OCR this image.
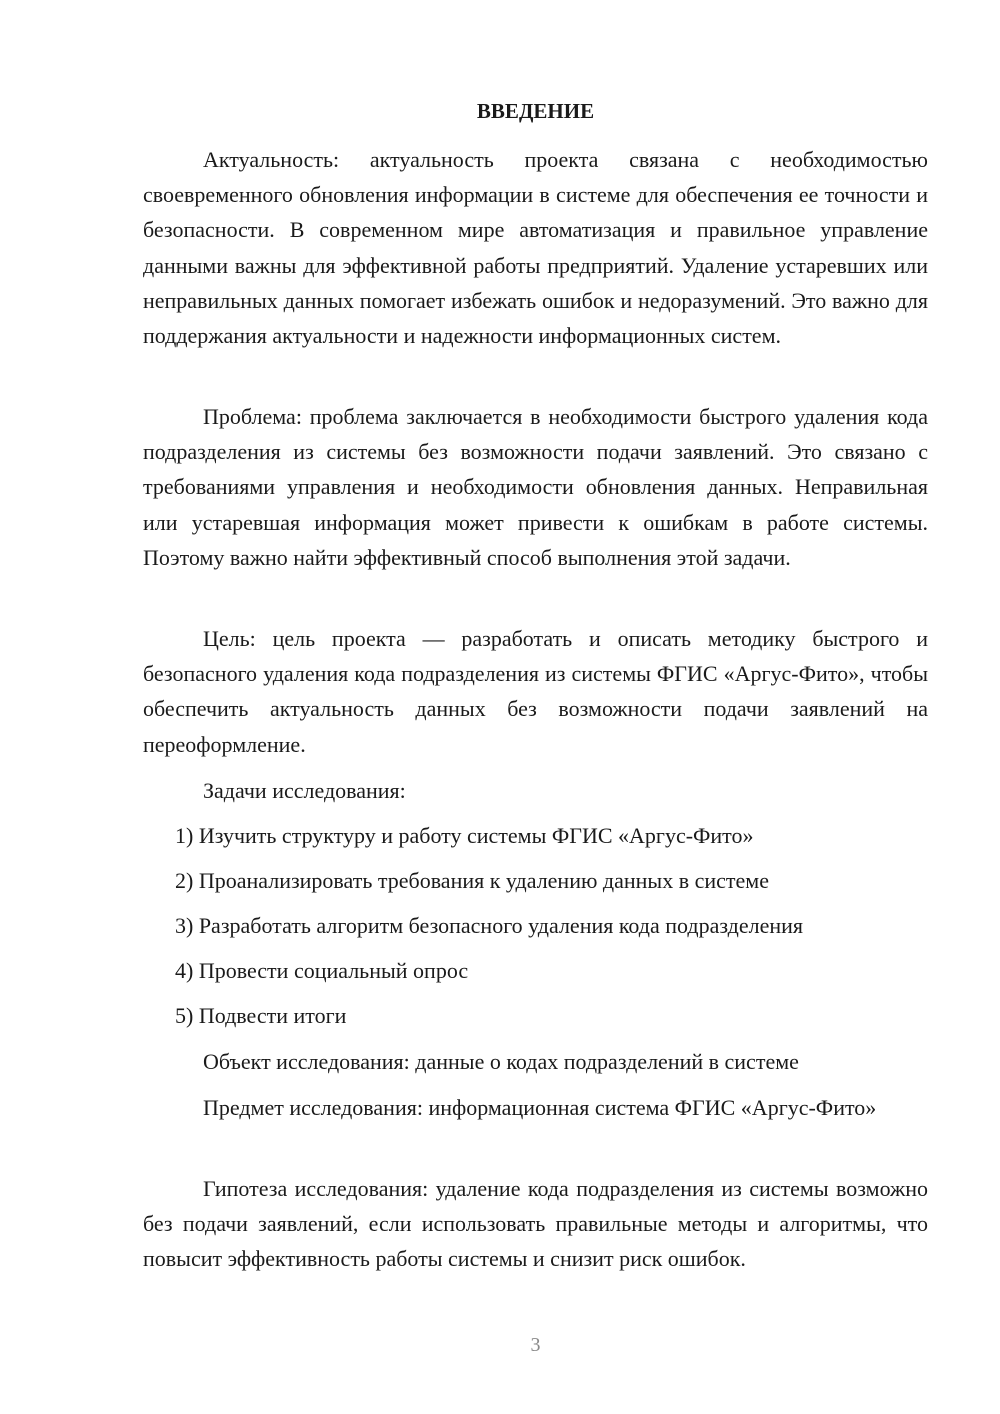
ВВЕДЕНИЕ

Актуальность: актуальность проекта связана с необходимостью своевременного обновления информации в системе для обеспечения ее точности и безопасности. В современном мире автоматизация и правильное управление данными важны для эффективной работы предприятий. Удаление устаревших или неправильных данных помогает избежать ошибок и недоразумений. Это важно для поддержания актуальности и надежности информационных систем.

Проблема: проблема заключается в необходимости быстрого удаления кода подразделения из системы без возможности подачи заявлений. Это связано с требованиями управления и необходимости обновления данных. Неправильная или устаревшая информация может привести к ошибкам в работе системы. Поэтому важно найти эффективный способ выполнения этой задачи.

Цель: цель проекта — разработать и описать методику быстрого и безопасного удаления кода подразделения из системы ФГИС «Аргус-Фито», чтобы обеспечить актуальность данных без возможности подачи заявлений на переоформление.

Задачи исследования:

1) Изучить структуру и работу системы ФГИС «Аргус-Фито»

2) Проанализировать требования к удалению данных в системе

3) Разработать алгоритм безопасного удаления кода подразделения

4) Провести социальный опрос

5) Подвести итоги

Объект исследования: данные о кодах подразделений в системе

Предмет исследования: информационная система ФГИС «Аргус-Фито»

Гипотеза исследования: удаление кода подразделения из системы возможно без подачи заявлений, если использовать правильные методы и алгоритмы, что повысит эффективность работы системы и снизит риск ошибок.

3
